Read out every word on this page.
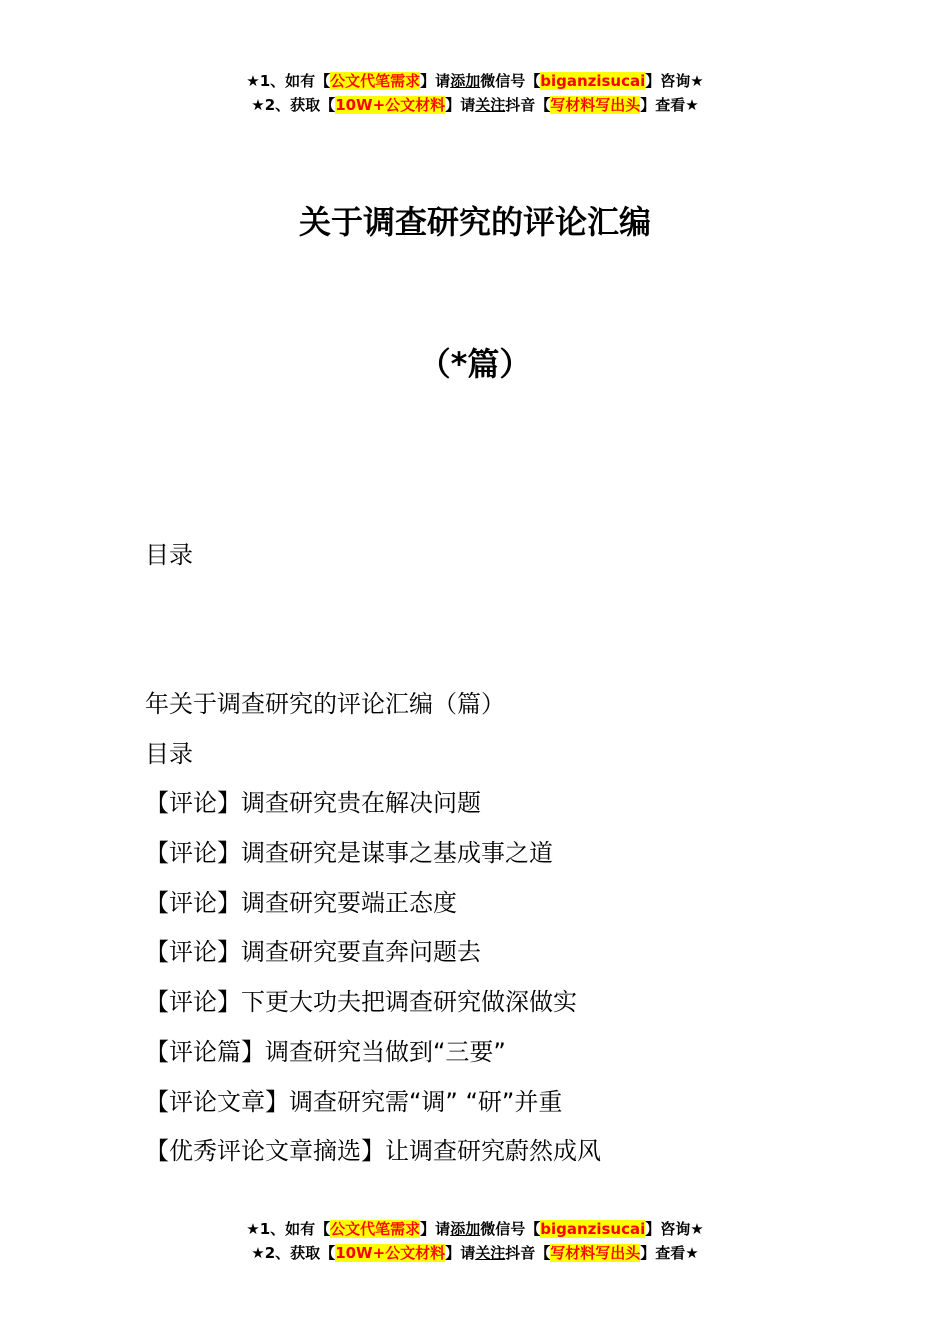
★1、如有【公文代笔需求】请添加微信号【biganzisucai】咨询★
★2、获取【10W+公文材料】请关注抖音【写材料写出头】查看★
关于调查研究的评论汇编
（*篇）
目录
年关于调查研究的评论汇编（篇）
目录
【评论】调查研究贵在解决问题
【评论】调查研究是谋事之基成事之道
【评论】调查研究要端正态度
【评论】调查研究要直奔问题去
【评论】下更大功夫把调查研究做深做实
【评论篇】调查研究当做到“三要”
【评论文章】调查研究需“调” “研”并重
【优秀评论文章摘选】让调查研究蔚然成风
★1、如有【公文代笔需求】请添加微信号【biganzisucai】咨询★
★2、获取【10W+公文材料】请关注抖音【写材料写出头】查看★
